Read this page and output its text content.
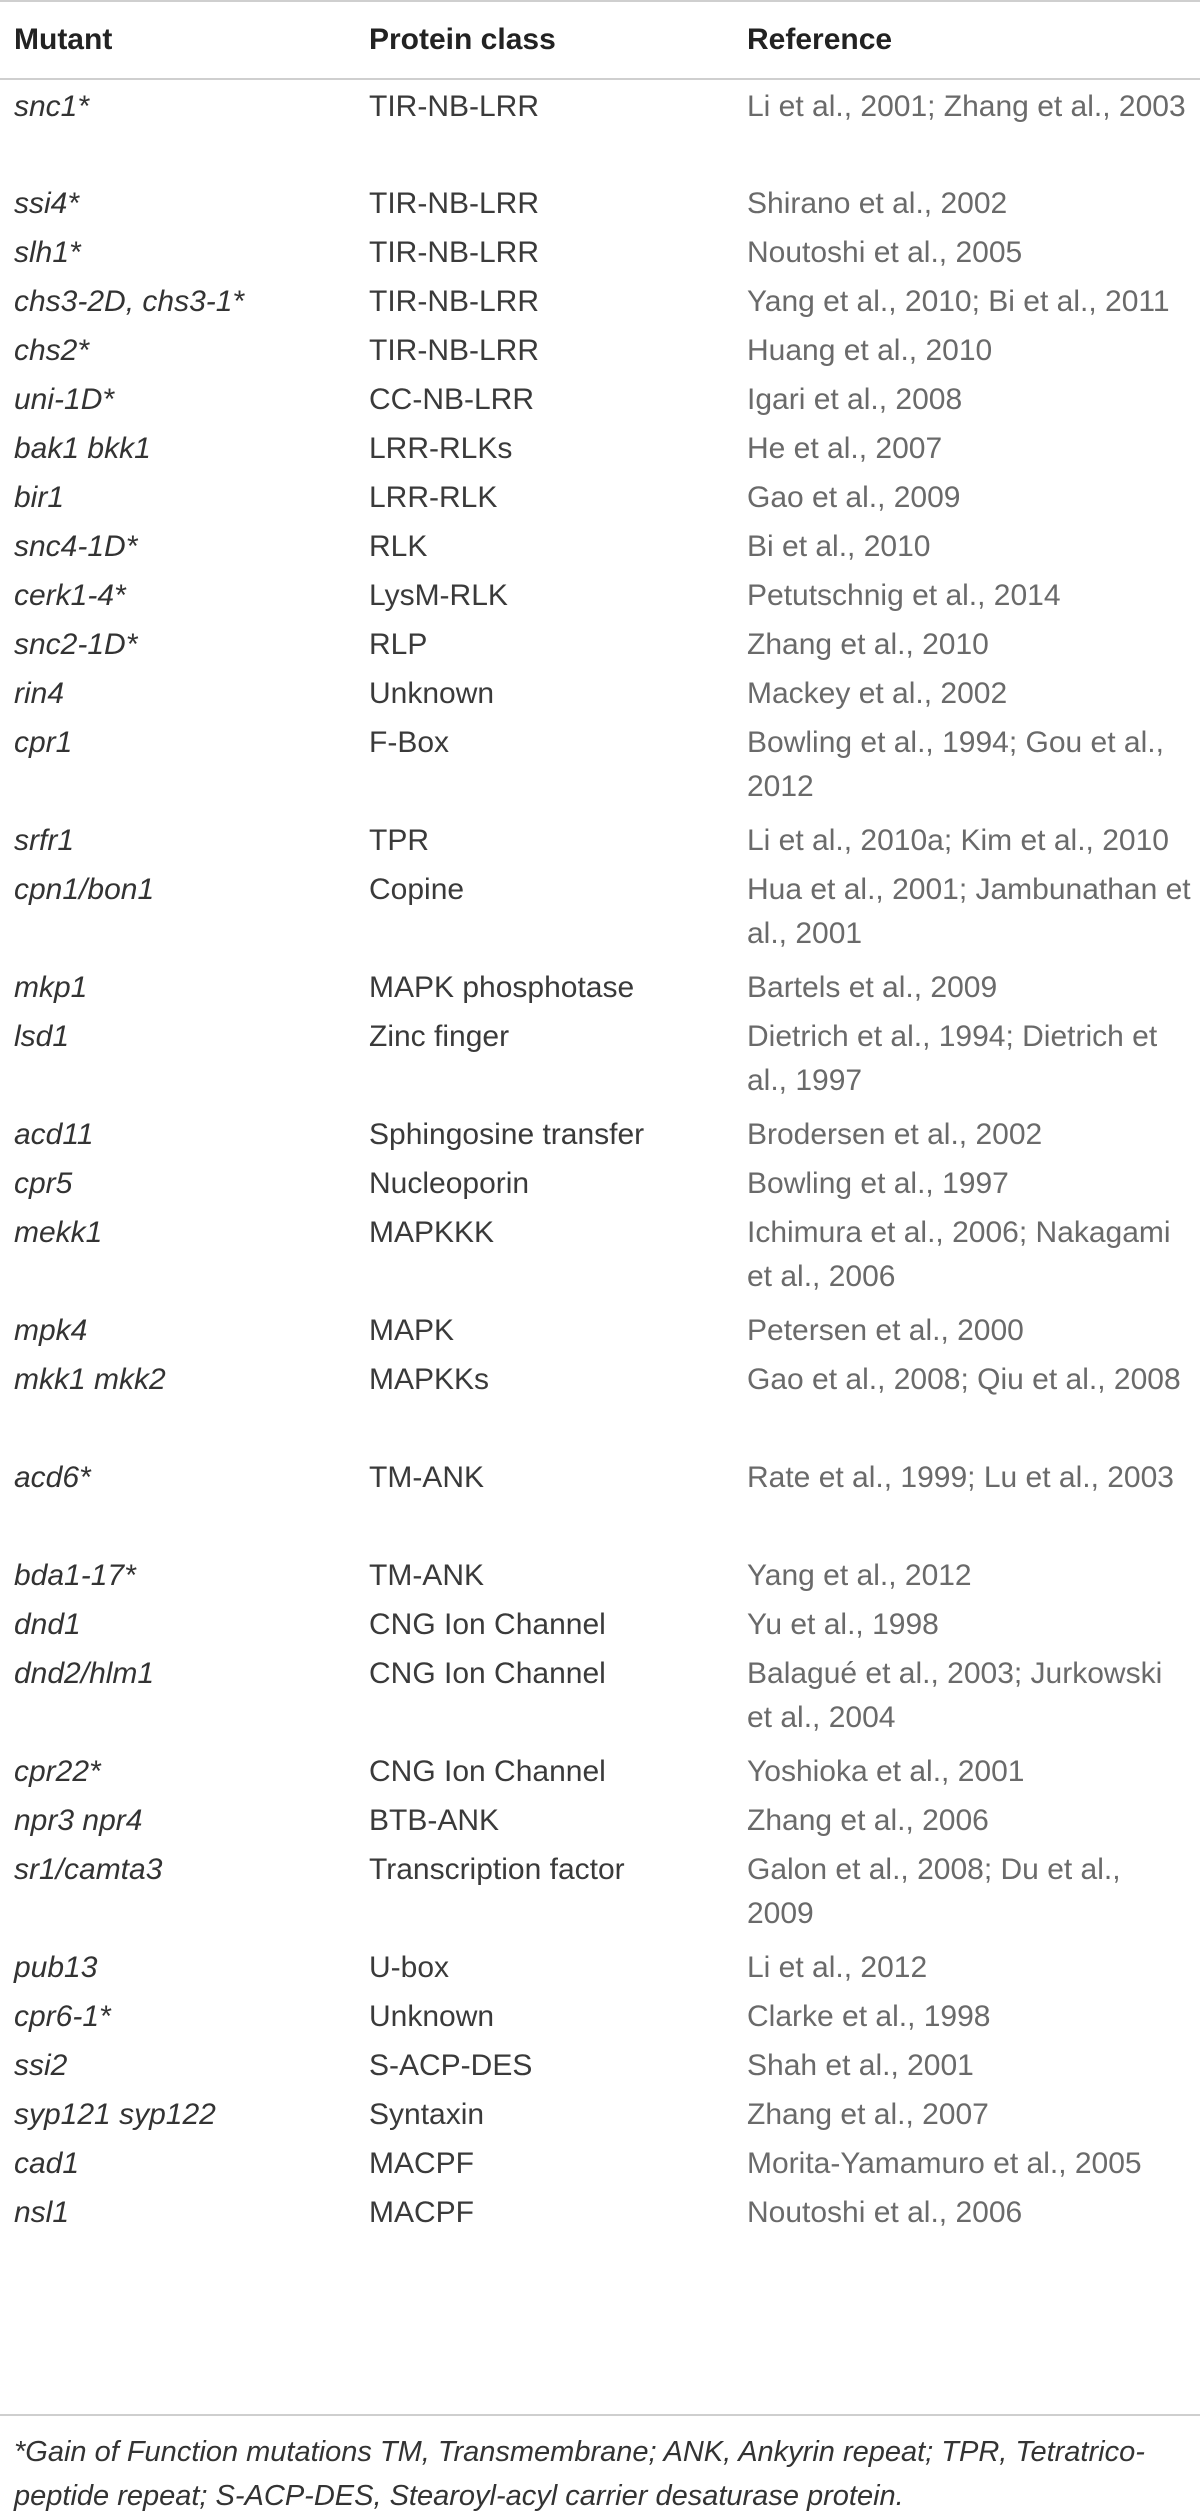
Mutant	Protein class	Reference
snc1*	TIR-NB-LRR	Li et al., 2001; Zhang et al., 2003
ssi4*	TIR-NB-LRR	Shirano et al., 2002
slh1*	TIR-NB-LRR	Noutoshi et al., 2005
chs3-2D, chs3-1*	TIR-NB-LRR	Yang et al., 2010; Bi et al., 2011
chs2*	TIR-NB-LRR	Huang et al., 2010
uni-1D*	CC-NB-LRR	Igari et al., 2008
bak1 bkk1	LRR-RLKs	He et al., 2007
bir1	LRR-RLK	Gao et al., 2009
snc4-1D*	RLK	Bi et al., 2010
cerk1-4*	LysM-RLK	Petutschnig et al., 2014
snc2-1D*	RLP	Zhang et al., 2010
rin4	Unknown	Mackey et al., 2002
cpr1	F-Box	Bowling et al., 1994; Gou et al., 2012
srfr1	TPR	Li et al., 2010a; Kim et al., 2010
cpn1/bon1	Copine	Hua et al., 2001; Jambunathan et al., 2001
mkp1	MAPK phosphotase	Bartels et al., 2009
lsd1	Zinc finger	Dietrich et al., 1994; Dietrich et al., 1997
acd11	Sphingosine transfer	Brodersen et al., 2002
cpr5	Nucleoporin	Bowling et al., 1997
mekk1	MAPKKK	Ichimura et al., 2006; Nakagami et al., 2006
mpk4	MAPK	Petersen et al., 2000
mkk1 mkk2	MAPKKs	Gao et al., 2008; Qiu et al., 2008
acd6*	TM-ANK	Rate et al., 1999; Lu et al., 2003
bda1-17*	TM-ANK	Yang et al., 2012
dnd1	CNG Ion Channel	Yu et al., 1998
dnd2/hlm1	CNG Ion Channel	Balagué et al., 2003; Jurkowski et al., 2004
cpr22*	CNG Ion Channel	Yoshioka et al., 2001
npr3 npr4	BTB-ANK	Zhang et al., 2006
sr1/camta3	Transcription factor	Galon et al., 2008; Du et al., 2009
pub13	U-box	Li et al., 2012
cpr6-1*	Unknown	Clarke et al., 1998
ssi2	S-ACP-DES	Shah et al., 2001
syp121 syp122	Syntaxin	Zhang et al., 2007
cad1	MACPF	Morita-Yamamuro et al., 2005
nsl1	MACPF	Noutoshi et al., 2006
*Gain of Function mutations TM, Transmembrane; ANK, Ankyrin repeat; TPR, Tetratrico-peptide repeat; S-ACP-DES, Stearoyl-acyl carrier desaturase protein.
